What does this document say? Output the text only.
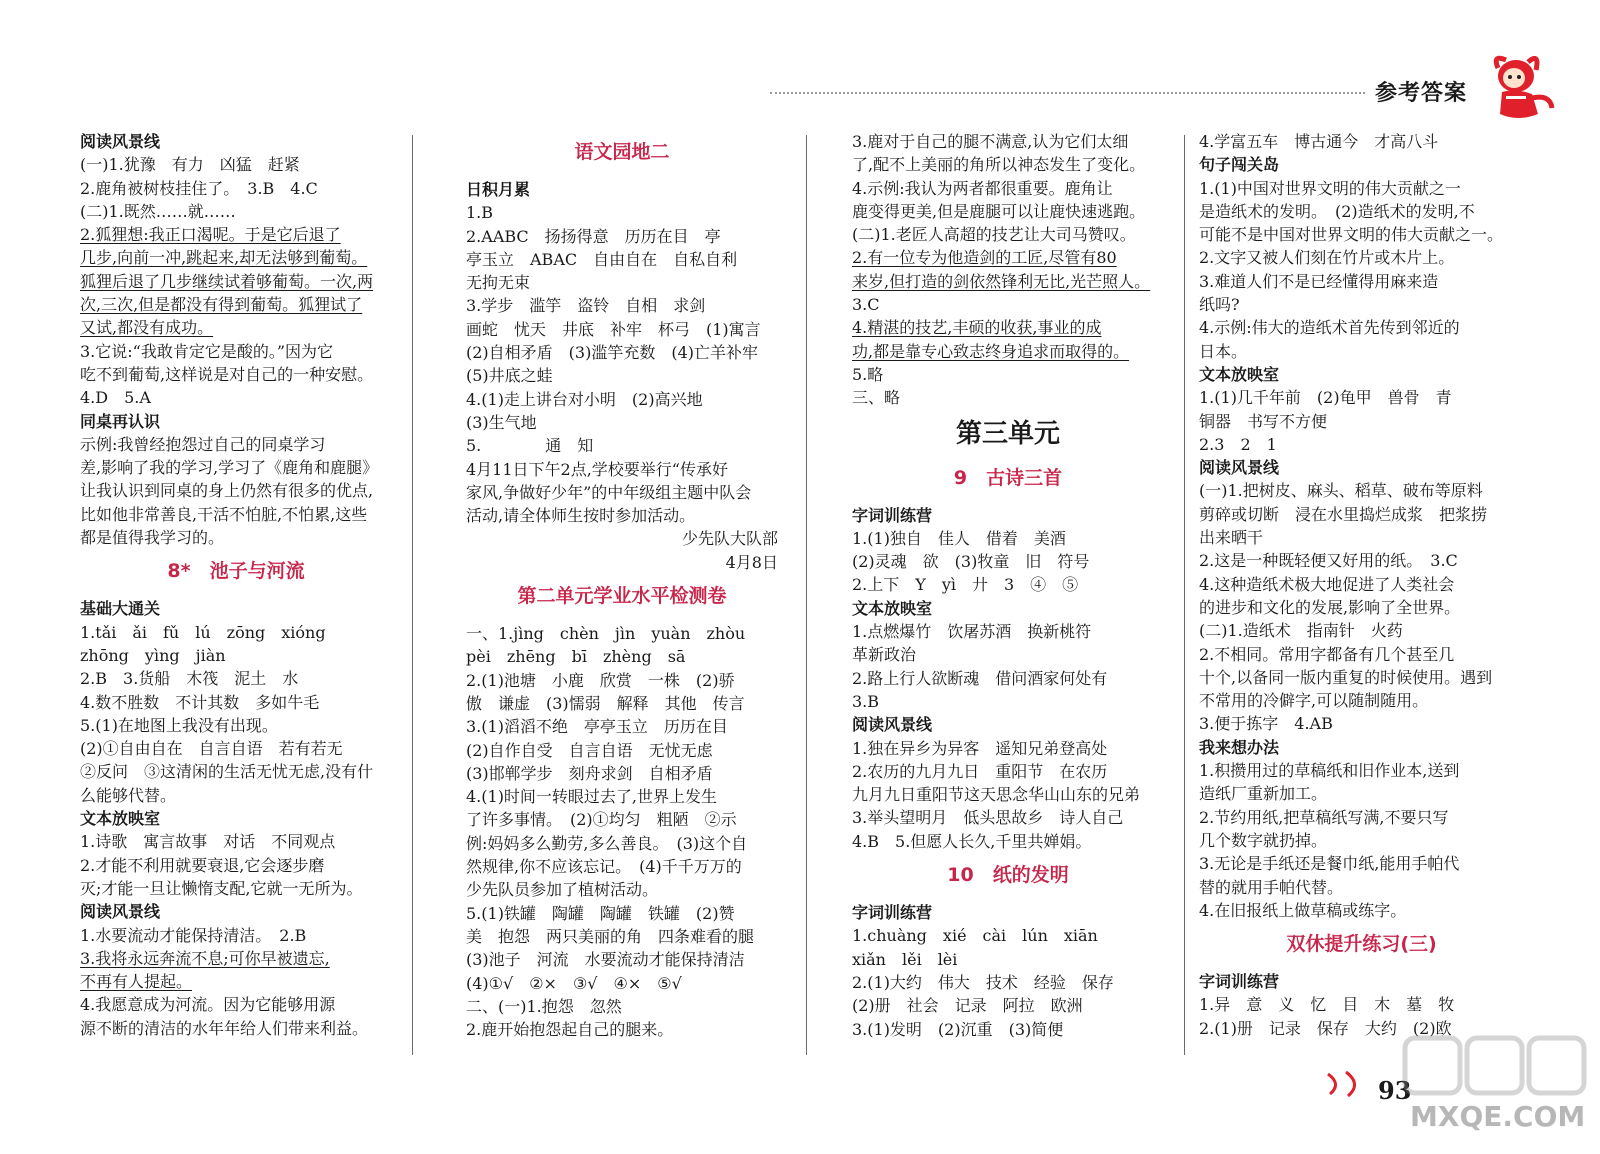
参考答案
阅读风景线
(一)1.犹豫　有力　凶猛　赶紧
2.鹿角被树枝挂住了。　3.B　4.C
(二)1.既然……就……
2.狐狸想:我正口渴呢。于是它后退了
几步,向前一冲,跳起来,却无法够到葡萄。
狐狸后退了几步继续试着够葡萄。一次,两
次,三次,但是都没有得到葡萄。狐狸试了
又试,都没有成功。
3.它说:“我敢肯定它是酸的。”因为它
吃不到葡萄,这样说是对自己的一种安慰。
4.D　5.A
同桌再认识
示例:我曾经抱怨过自己的同桌学习
差,影响了我的学习,学习了《鹿角和鹿腿》
让我认识到同桌的身上仍然有很多的优点,
比如他非常善良,干活不怕脏,不怕累,这些
都是值得我学习的。
8*　池子与河流
基础大通关
1.tǎi　ǎi　fǔ　lú　zōng　xióng
zhōng　yìng　jiàn
2.B　3.货船　木筏　泥土　水
4.数不胜数　不计其数　多如牛毛
5.(1)在地图上我没有出现。
(2)①自由自在　自言自语　若有若无
②反问　③这清闲的生活无忧无虑,没有什
么能够代替。
文本放映室
1.诗歌　寓言故事　对话　不同观点
2.才能不利用就要衰退,它会逐步磨
灭;才能一旦让懒惰支配,它就一无所为。
阅读风景线
1.水要流动才能保持清洁。　2.B
3.我将永远奔流不息;可你早被遗忘,
不再有人提起。
4.我愿意成为河流。因为它能够用源
源不断的清洁的水年年给人们带来利益。
语文园地二
日积月累
1.B
2.AABC　扬扬得意　历历在目　亭
亭玉立　ABAC　自由自在　自私自利
无拘无束
3.学步　滥竽　盗铃　自相　求剑
画蛇　忧天　井底　补牢　杯弓　(1)寓言
(2)自相矛盾　(3)滥竽充数　(4)亡羊补牢
(5)井底之蛙
4.(1)走上讲台对小明　(2)高兴地
(3)生气地
5.　　　　通　知
4月11日下午2点,学校要举行“传承好
家风,争做好少年”的中年级组主题中队会
活动,请全体师生按时参加活动。
少先队大队部
4月8日
第二单元学业水平检测卷
一、1.jìng　chèn　jìn　yuàn　zhòu
pèi　zhēng　bī　zhèng　sā
2.(1)池塘　小鹿　欣赏　一株　(2)骄
傲　谦虚　(3)懦弱　解释　其他　传言
3.(1)滔滔不绝　亭亭玉立　历历在目
(2)自作自受　自言自语　无忧无虑
(3)邯郸学步　刻舟求剑　自相矛盾
4.(1)时间一转眼过去了,世界上发生
了许多事情。　(2)①均匀　粗陋　②示
例:妈妈多么勤劳,多么善良。　(3)这个自
然规律,你不应该忘记。　(4)千千万万的
少先队员参加了植树活动。
5.(1)铁罐　陶罐　陶罐　铁罐　(2)赞
美　抱怨　两只美丽的角　四条难看的腿
(3)池子　河流　水要流动才能保持清洁
(4)①√　②×　③√　④×　⑤√
二、(一)1.抱怨　忽然
2.鹿开始抱怨起自己的腿来。
3.鹿对于自己的腿不满意,认为它们太细
了,配不上美丽的角所以神态发生了变化。
4.示例:我认为两者都很重要。鹿角让
鹿变得更美,但是鹿腿可以让鹿快速逃跑。
(二)1.老匠人高超的技艺让大司马赞叹。
2.有一位专为他造剑的工匠,尽管有80
来岁,但打造的剑依然锋利无比,光芒照人。
3.C
4.精湛的技艺,丰硕的收获,事业的成
功,都是靠专心致志终身追求而取得的。
5.略
三、略
第三单元
9　古诗三首
字词训练营
1.(1)独自　佳人　借着　美酒
(2)灵魂　欲　(3)牧童　旧　符号
2.上下　Y　yì　廾　3　④　⑤
文本放映室
1.点燃爆竹　饮屠苏酒　换新桃符
革新政治
2.路上行人欲断魂　借问酒家何处有
3.B
阅读风景线
1.独在异乡为异客　遥知兄弟登高处
2.农历的九月九日　重阳节　在农历
九月九日重阳节这天思念华山山东的兄弟
3.举头望明月　低头思故乡　诗人自己
4.B　5.但愿人长久,千里共婵娟。
10　纸的发明
字词训练营
1.chuàng　xié　cài　lún　xiān
xiǎn　lěi　lèi
2.(1)大约　伟大　技术　经验　保存
(2)册　社会　记录　阿拉　欧洲
3.(1)发明　(2)沉重　(3)简便
4.学富五车　博古通今　才高八斗
句子闯关岛
1.(1)中国对世界文明的伟大贡献之一
是造纸术的发明。　(2)造纸术的发明,不
可能不是中国对世界文明的伟大贡献之一。
2.文字又被人们刻在竹片或木片上。
3.难道人们不是已经懂得用麻来造
纸吗?
4.示例:伟大的造纸术首先传到邻近的
日本。
文本放映室
1.(1)几千年前　(2)龟甲　兽骨　青
铜器　书写不方便
2.3　2　1
阅读风景线
(一)1.把树皮、麻头、稻草、破布等原料
剪碎或切断　浸在水里捣烂成浆　把浆捞
出来晒干
2.这是一种既轻便又好用的纸。　3.C
4.这种造纸术极大地促进了人类社会
的进步和文化的发展,影响了全世界。
(二)1.造纸术　指南针　火药
2.不相同。常用字都备有几个甚至几
十个,以备同一版内重复的时候使用。遇到
不常用的冷僻字,可以随制随用。
3.便于拣字　4.AB
我来想办法
1.积攒用过的草稿纸和旧作业本,送到
造纸厂重新加工。
2.节约用纸,把草稿纸写满,不要只写
几个数字就扔掉。
3.无论是手纸还是餐巾纸,能用手帕代
替的就用手帕代替。
4.在旧报纸上做草稿或练字。
双休提升练习(三)
字词训练营
1.异　意　义　忆　目　木　墓　牧
2.(1)册　记录　保存　大约　(2)欧
93
MXQE.COM
